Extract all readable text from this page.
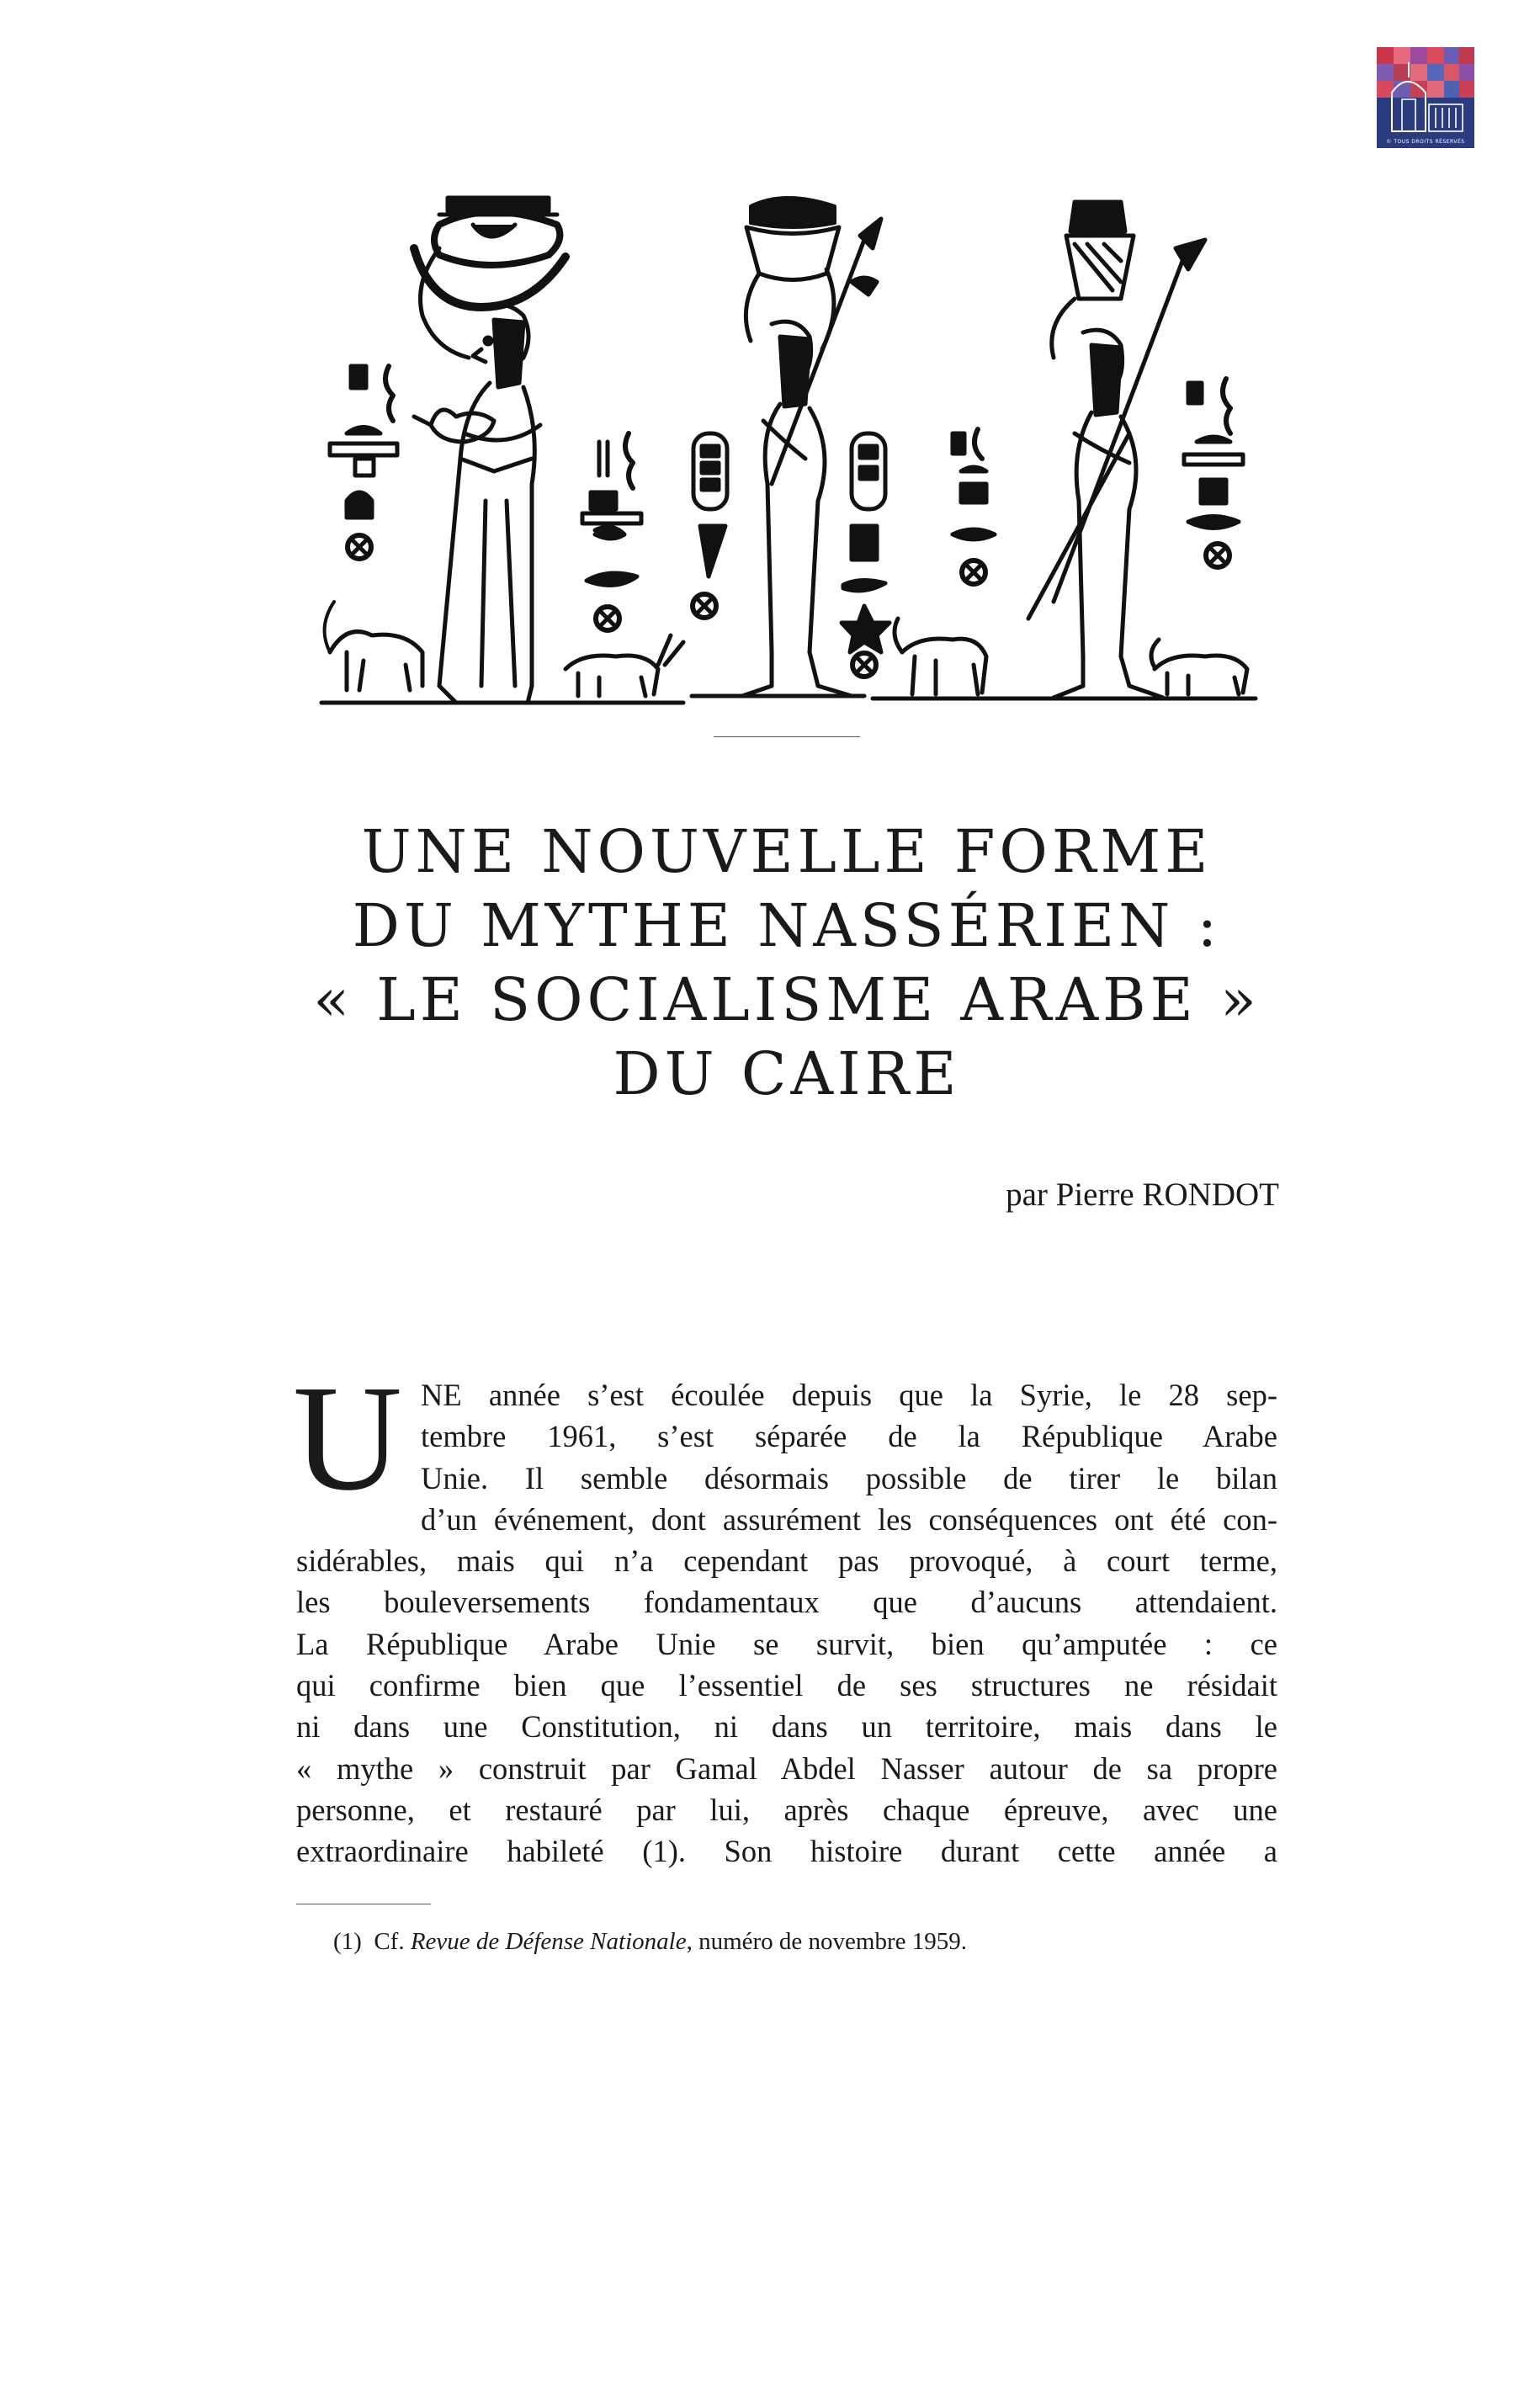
© TOUS DROITS RÉSERVÉS
UNE NOUVELLE FORME
DU MYTHE NASSÉRIEN :
« LE SOCIALISME ARABE »
DU CAIRE
par Pierre RONDOT
U NE année s’est écoulée depuis que la Syrie, le 28 sep-
tembre 1961, s’est séparée de la République Arabe
Unie. Il semble désormais possible de tirer le bilan
d’un événement, dont assurément les conséquences ont été con-
sidérables, mais qui n’a cependant pas provoqué, à court terme,
les bouleversements fondamentaux que d’aucuns attendaient.
La République Arabe Unie se survit, bien qu’amputée : ce
qui confirme bien que l’essentiel de ses structures ne résidait
ni dans une Constitution, ni dans un territoire, mais dans le
« mythe » construit par Gamal Abdel Nasser autour de sa propre
personne, et restauré par lui, après chaque épreuve, avec une
extraordinaire habileté (1). Son histoire durant cette année a
(1) Cf. Revue de Défense Nationale, numéro de novembre 1959.
